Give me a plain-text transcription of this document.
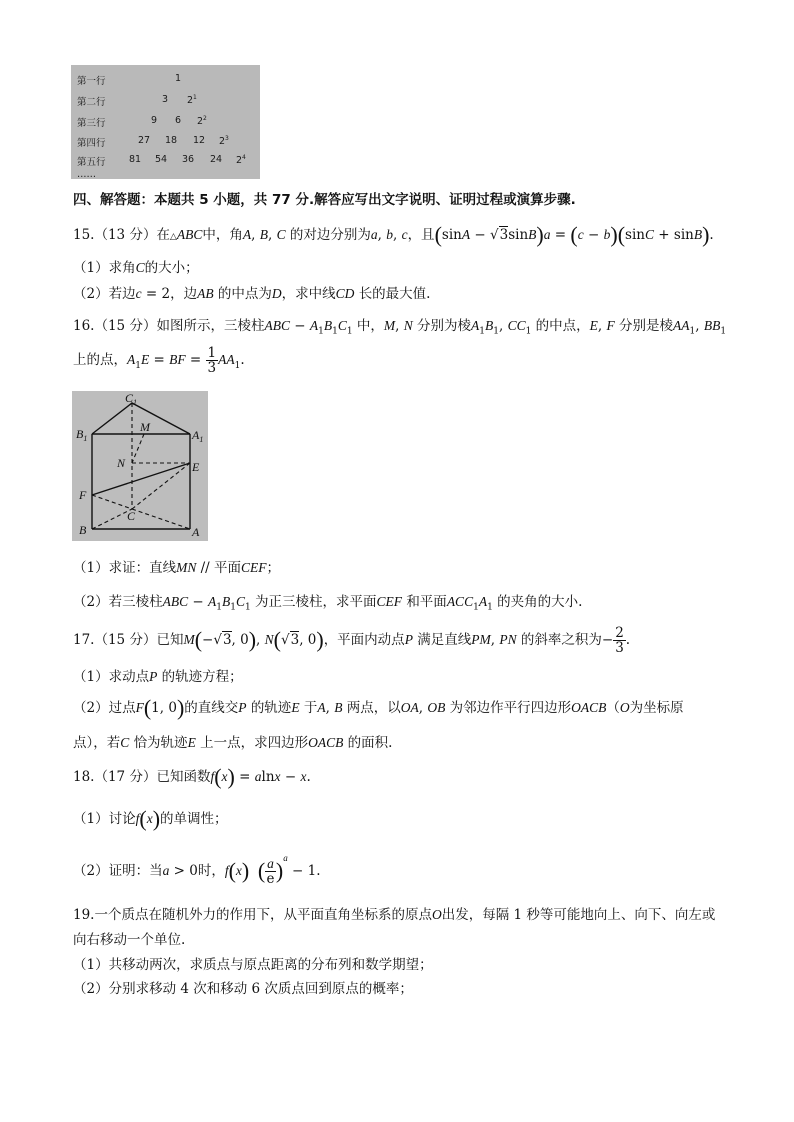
第一行
第二行
第三行
第四行
第五行
……
1
3 $2^1$
9 6 $2^2$
27 18 12 $2^3$
81 54 36 24 $2^4$
四、解答题：本题共 5 小题，共 77 分.解答应写出文字说明、证明过程或演算步骤.
15.（13 分）在△ABC中，角A, B, C 的对边分别为a, b, c，且(sinA − √3sinB)a = (c − b)(sinC + sinB).
（1）求角C的大小；
（2）若边c = 2，边AB 的中点为D，求中线CD 长的最大值.
16.（15 分）如图所示，三棱柱ABC − $A_1B_1C_1$ 中，M, N 分别为棱$A_1B_1$, $CC_1$ 的中点，E, F 分别是棱$AA_1$, $BB_1$
上的点，$A_1E$ = BF = $\frac{1}{3} AA_1$.
$C_1$
$B_1$
M
$A_1$
N	E
F
C
B	A
（1）求证：直线MN // 平面CEF；
（2）若三棱柱ABC − $A_1B_1C_1$ 为正三棱柱，求平面CEF 和平面$ACC_1A_1$ 的夹角的大小.
17.（15 分）已知M(−√3, 0), N(√3, 0)，平面内动点P 满足直线PM, PN 的斜率之积为− $\frac{2}{3}$ .
（1）求动点P 的轨迹方程；
（2）过点F(1, 0)的直线交P 的轨迹E 于A, B 两点，以OA, OB 为邻边作平行四边形OACB（O为坐标原
点），若C 恰为轨迹E 上一点，求四边形OACB 的面积.
18.（17 分）已知函数f(x) = alnx − x.
（1）讨论f(x)的单调性；
（2）证明：当a > 0时，f(x) ( $\frac{a}{e} )^a - 1$.
19.一个质点在随机外力的作用下，从平面直角坐标系的原点O出发，每隔 1 秒等可能地向上、向下、向左或
向右移动一个单位.
（1）共移动两次，求质点与原点距离的分布列和数学期望；
（2）分别求移动 4 次和移动 6 次质点回到原点的概率；
